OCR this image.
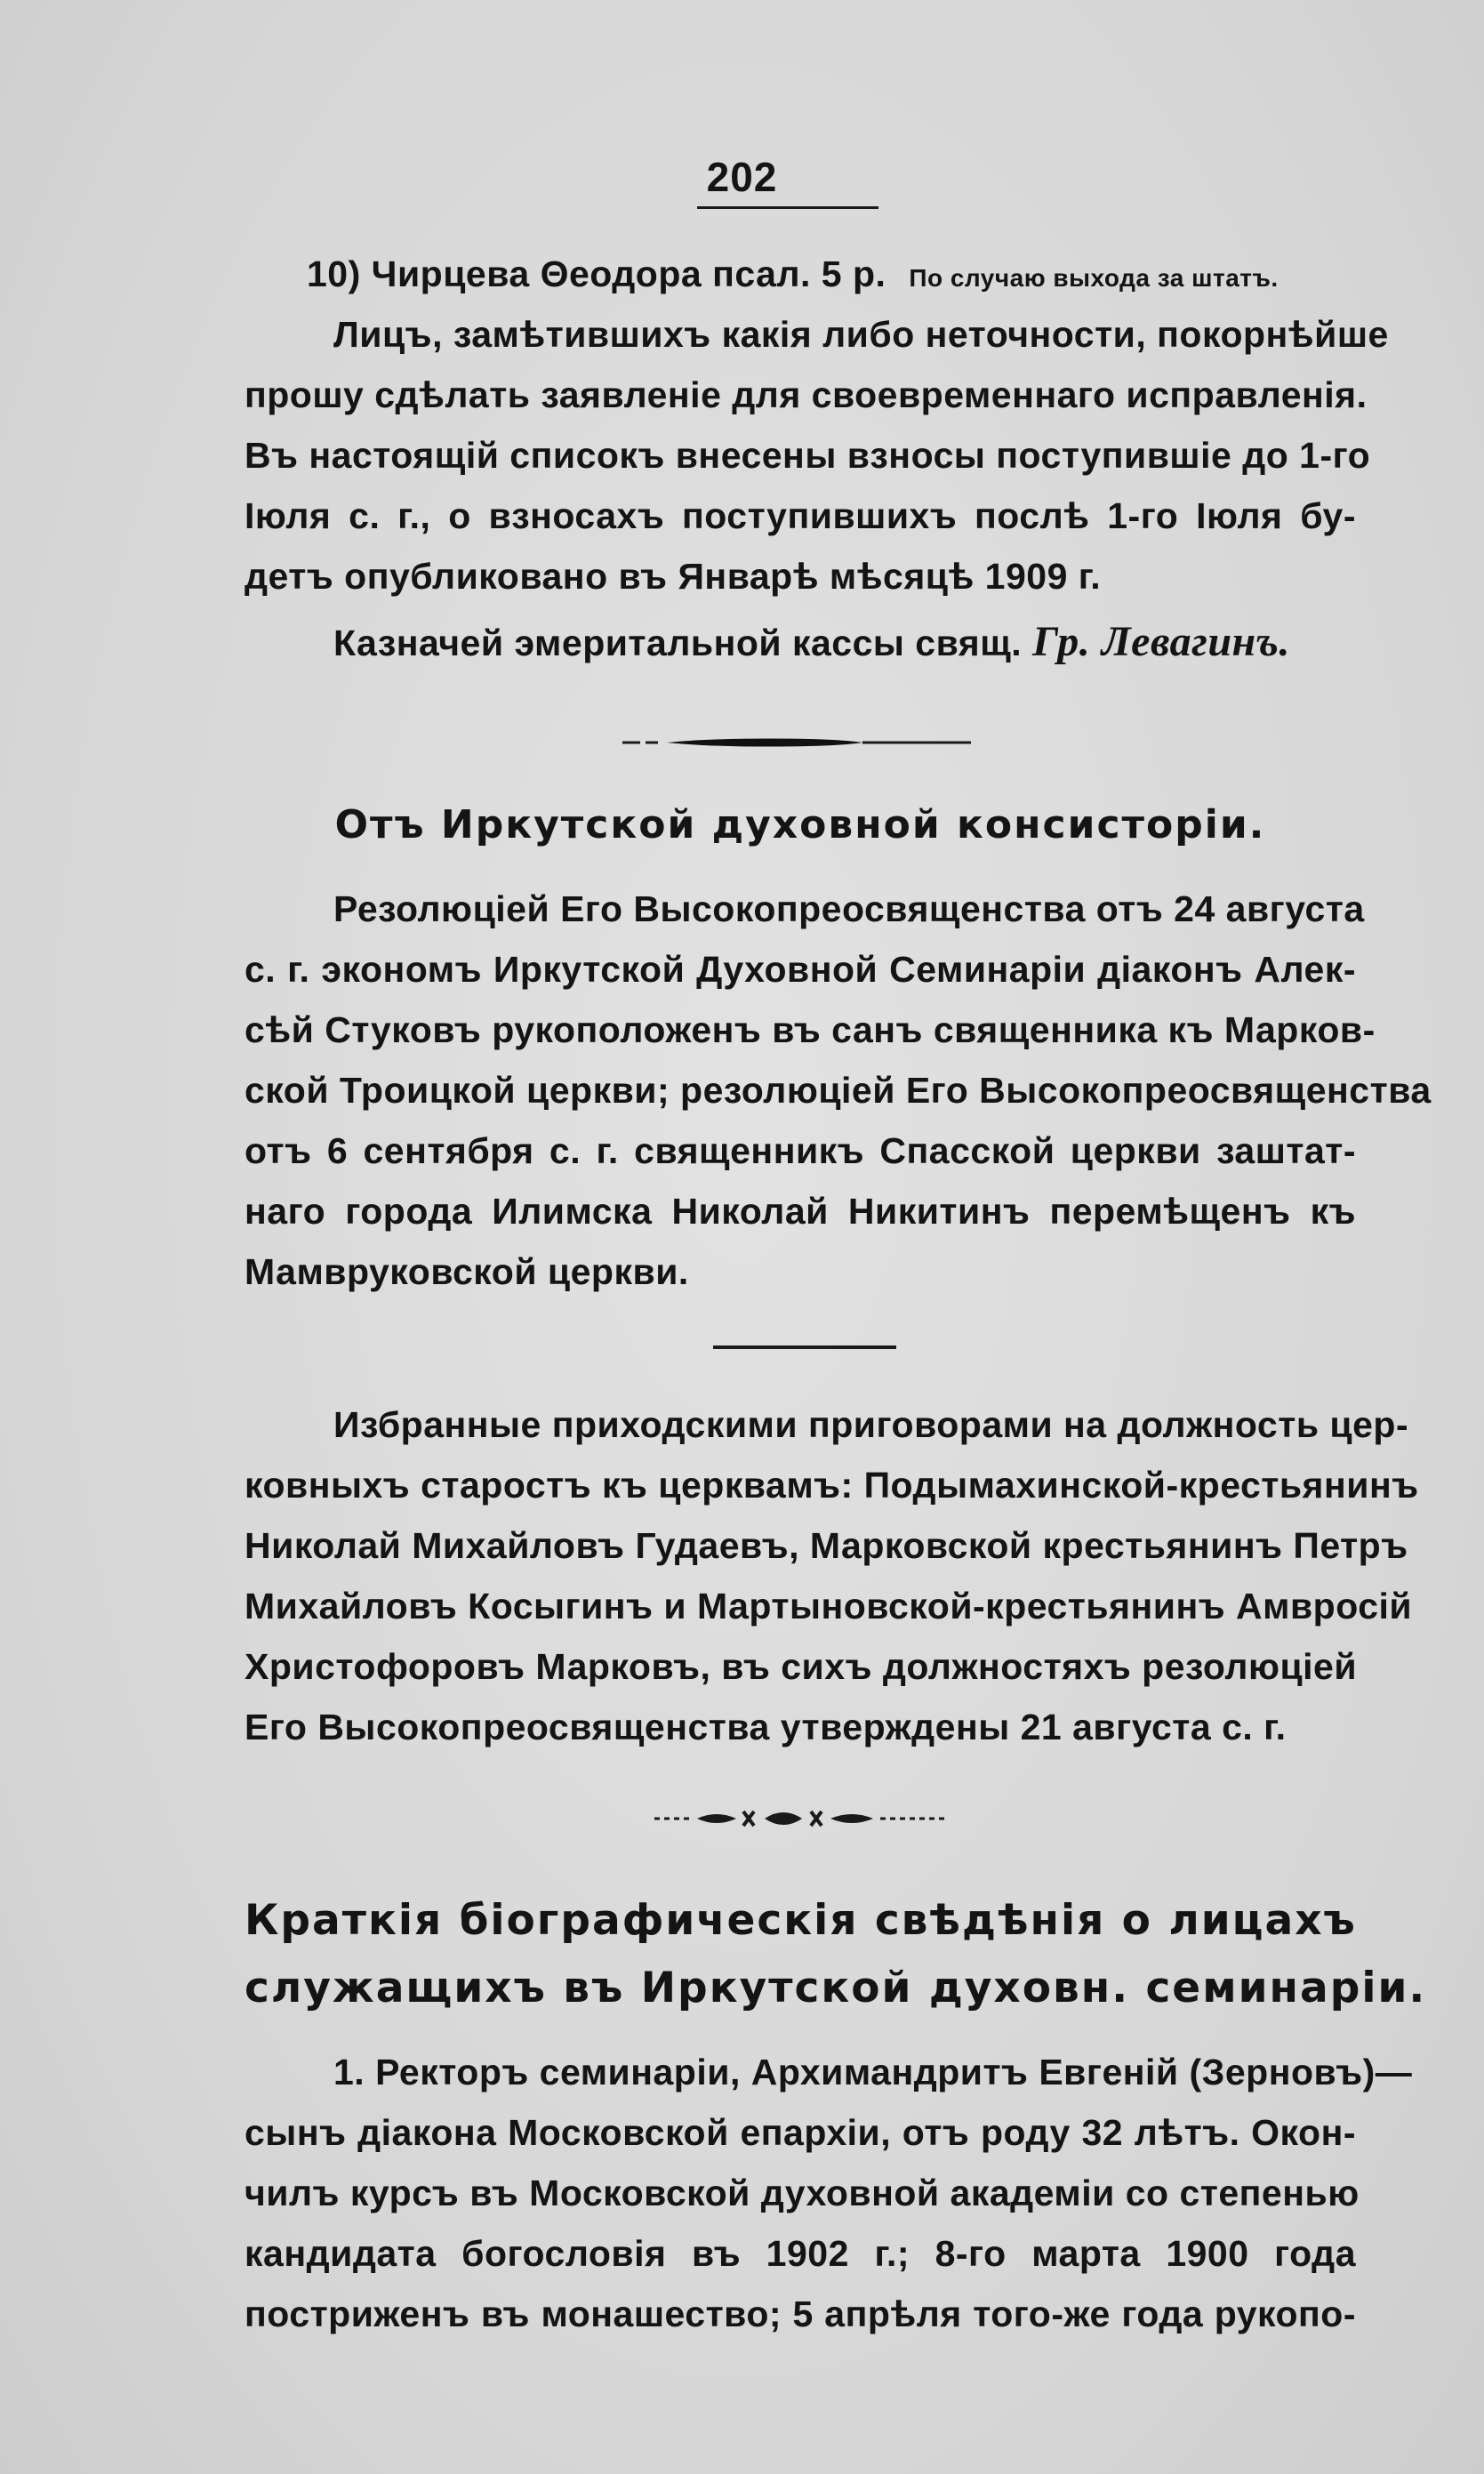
202
10) Чирцева Θеодора псал. 5 р. По случаю выхода за штатъ.
Лицъ, замѣтившихъ какія либо неточности, покорнѣйше
прошу сдѣлать заявленіе для своевременнаго исправленія.
Въ настоящій списокъ внесены взносы поступившіе до 1-го
Іюля с. г., о взносахъ поступившихъ послѣ 1-го Іюля бу-
детъ опубликовано въ Январѣ мѣсяцѣ 1909 г.
Казначей эмеритальной кассы свящ. Гр. Левагинъ.
Отъ Иркутской духовной консисторіи.
Резолюціей Его Высокопреосвященства отъ 24 августа
с. г. экономъ Иркутской Духовной Семинаріи діаконъ Алек-
сѣй Стуковъ рукоположенъ въ санъ священника къ Марков-
ской Троицкой церкви; резолюціей Его Высокопреосвященства
отъ 6 сентября с. г. священникъ Спасской церкви заштат-
наго города Илимска Николай Никитинъ перемѣщенъ къ
Мамвруковской церкви.
Избранные приходскими приговорами на должность цер-
ковныхъ старостъ къ церквамъ: Подымахинской-крестьянинъ
Николай Михайловъ Гудаевъ, Марковской крестьянинъ Петръ
Михайловъ Косыгинъ и Мартыновской-крестьянинъ Амвросій
Христофоровъ Марковъ, въ сихъ должностяхъ резолюціей
Его Высокопреосвященства утверждены 21 августа с. г.
Краткія біографическія свѣдѣнія о лицахъ
служащихъ въ Иркутской духовн. семинаріи.
1. Ректоръ семинаріи, Архимандритъ Евгеній (Зерновъ)—
сынъ діакона Московской епархіи, отъ роду 32 лѣтъ. Окон-
чилъ курсъ въ Московской духовной академіи со степенью
кандидата богословія въ 1902 г.; 8-го марта 1900 года
постриженъ въ монашество; 5 апрѣля того-же года рукопо-
